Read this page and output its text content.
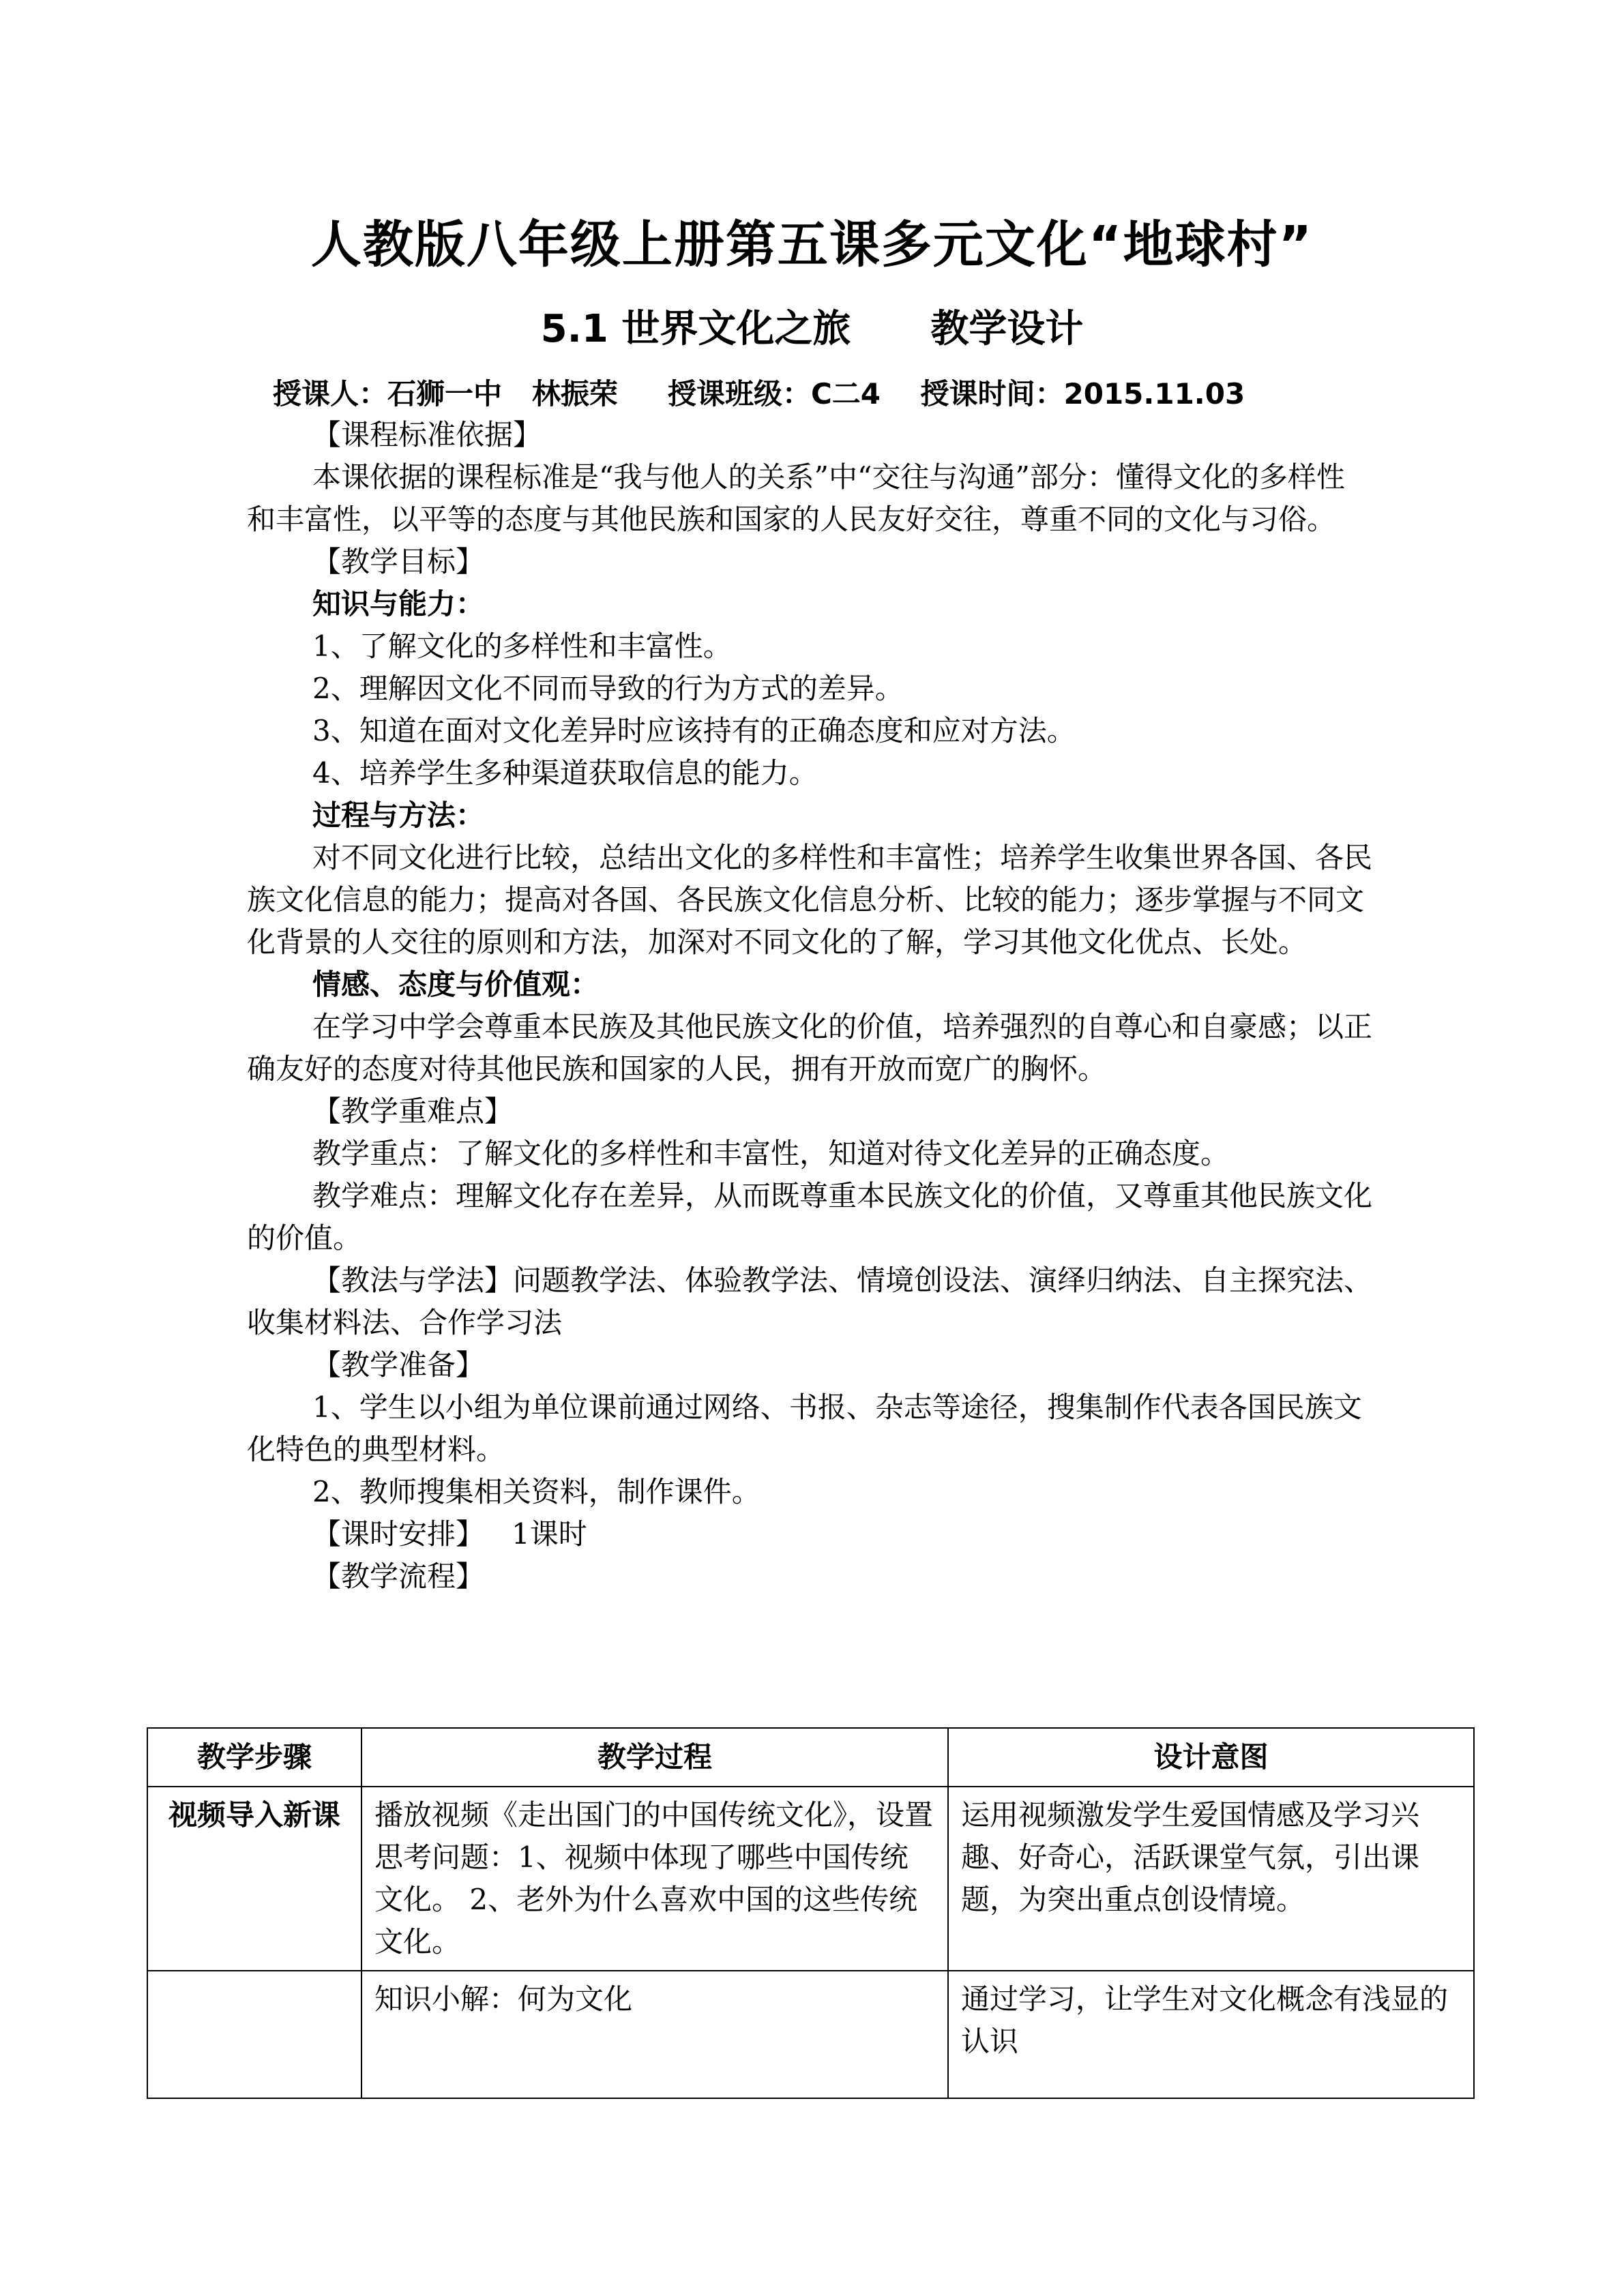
人教版八年级上册第五课多元文化“地球村”
5.1 世界文化之旅      教学设计
授课人：石狮一中   林振荣     授课班级：C二4    授课时间：2015.11.03

【课程标准依据】

本课依据的课程标准是“我与他人的关系”中“交往与沟通”部分：懂得文化的多样性和丰富性，以平等的态度与其他民族和国家的人民友好交往，尊重不同的文化与习俗。

【教学目标】

知识与能力：

1、了解文化的多样性和丰富性。

2、理解因文化不同而导致的行为方式的差异。

3、知道在面对文化差异时应该持有的正确态度和应对方法。

4、培养学生多种渠道获取信息的能力。

过程与方法：

对不同文化进行比较，总结出文化的多样性和丰富性；培养学生收集世界各国、各民族文化信息的能力；提高对各国、各民族文化信息分析、比较的能力；逐步掌握与不同文化背景的人交往的原则和方法，加深对不同文化的了解，学习其他文化优点、长处。

情感、态度与价值观：

在学习中学会尊重本民族及其他民族文化的价值，培养强烈的自尊心和自豪感；以正确友好的态度对待其他民族和国家的人民，拥有开放而宽广的胸怀。

【教学重难点】

教学重点：了解文化的多样性和丰富性，知道对待文化差异的正确态度。

教学难点：理解文化存在差异，从而既尊重本民族文化的价值，又尊重其他民族文化的价值。

【教法与学法】问题教学法、体验教学法、情境创设法、演绎归纳法、自主探究法、收集材料法、合作学习法

【教学准备】

1、学生以小组为单位课前通过网络、书报、杂志等途径，搜集制作代表各国民族文化特色的典型材料。

2、教师搜集相关资料，制作课件。

【课时安排】   1课时

【教学流程】

教学步骤	教学过程	设计意图
视频导入新课	播放视频《走出国门的中国传统文化》，设置思考问题：1、视频中体现了哪些中国传统文化。 2、老外为什么喜欢中国的这些传统文化。	运用视频激发学生爱国情感及学习兴趣、好奇心，活跃课堂气氛，引出课题，为突出重点创设情境。
	知识小解：何为文化	通过学习，让学生对文化概念有浅显的认识
